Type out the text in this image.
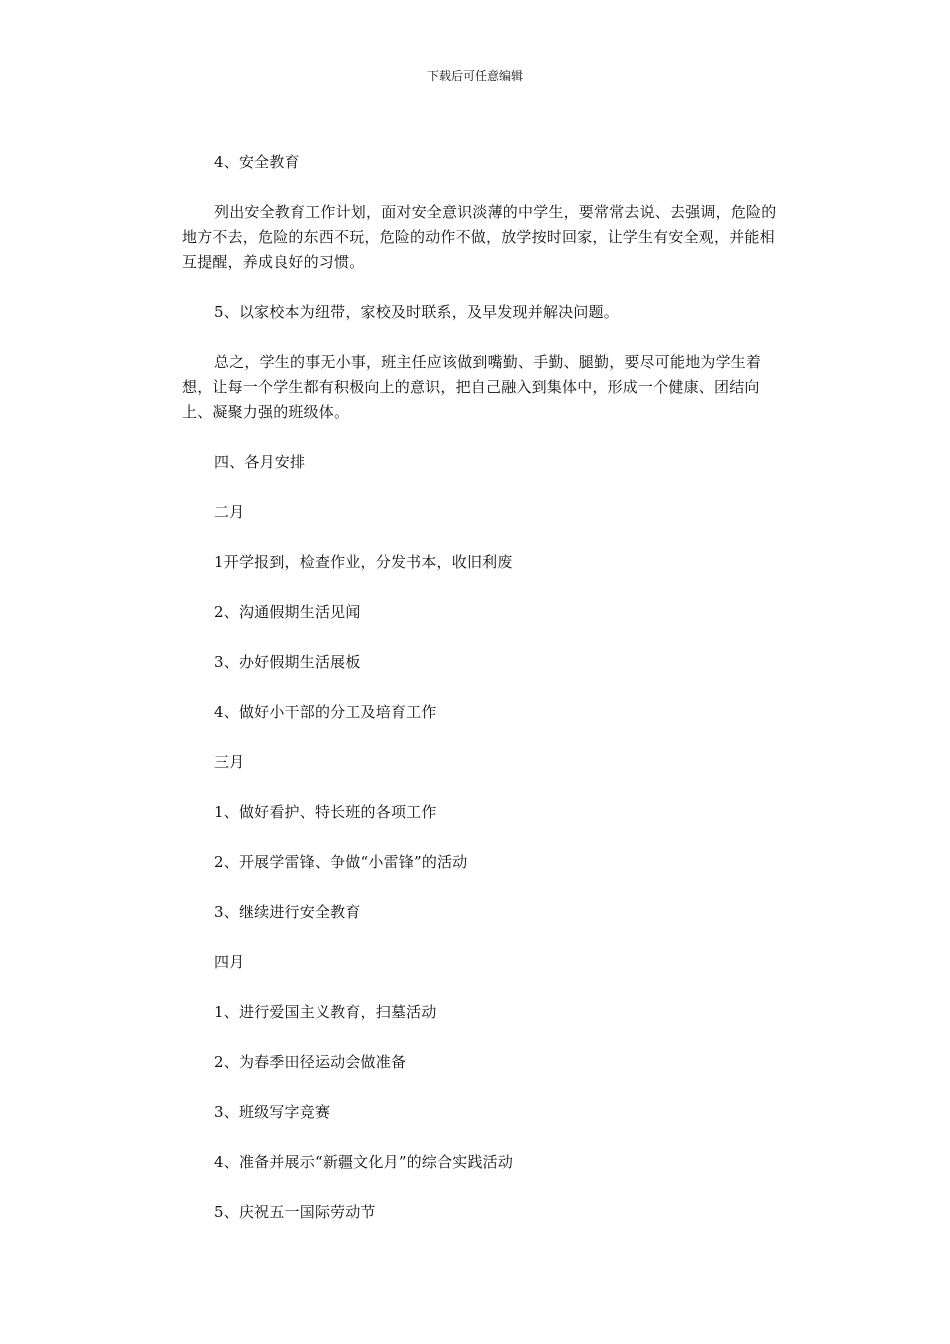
下载后可任意编辑

4、安全教育

列出安全教育工作计划，面对安全意识淡薄的中学生，要常常去说、去强调，危险的地方不去，危险的东西不玩，危险的动作不做，放学按时回家，让学生有安全观，并能相互提醒，养成良好的习惯。

5、以家校本为纽带，家校及时联系，及早发现并解决问题。

总之，学生的事无小事，班主任应该做到嘴勤、手勤、腿勤，要尽可能地为学生着想，让每一个学生都有积极向上的意识，把自己融入到集体中，形成一个健康、团结向上、凝聚力强的班级体。

四、各月安排

二月

1开学报到，检查作业，分发书本，收旧利废

2、沟通假期生活见闻

3、办好假期生活展板

4、做好小干部的分工及培育工作

三月

1、做好看护、特长班的各项工作

2、开展学雷锋、争做“小雷锋”的活动

3、继续进行安全教育

四月

1、进行爱国主义教育，扫墓活动

2、为春季田径运动会做准备

3、班级写字竞赛

4、准备并展示“新疆文化月”的综合实践活动

5、庆祝五一国际劳动节
